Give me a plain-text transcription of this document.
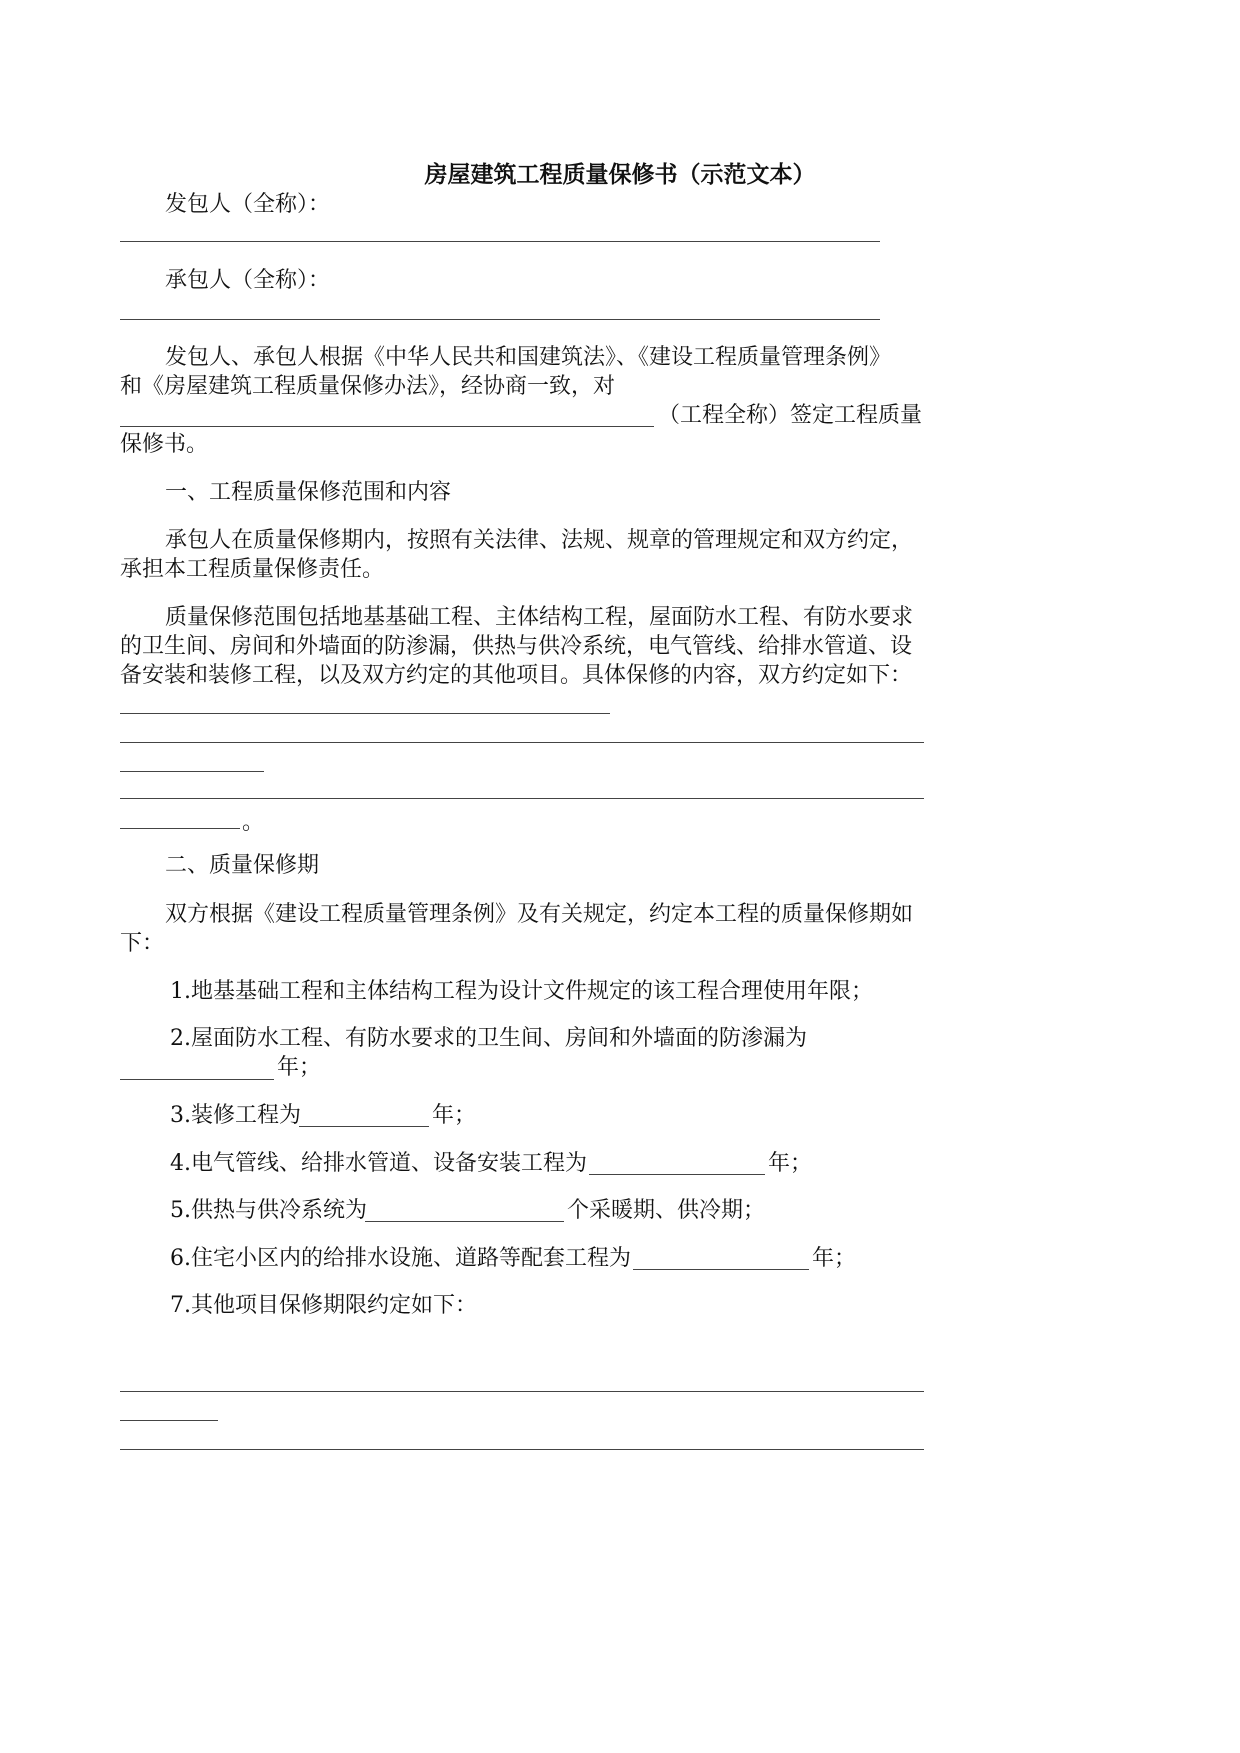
房屋建筑工程质量保修书（示范文本）
发包人（全称）：
承包人（全称）：
发包人、承包人根据《中华人民共和国建筑法》、《建设工程质量管理条例》
和《房屋建筑工程质量保修办法》，经协商一致，对
（工程全称）签定工程质量
保修书。
一、工程质量保修范围和内容
承包人在质量保修期内，按照有关法律、法规、规章的管理规定和双方约定，
承担本工程质量保修责任。
质量保修范围包括地基基础工程、主体结构工程，屋面防水工程、有防水要求
的卫生间、房间和外墙面的防渗漏，供热与供冷系统，电气管线、给排水管道、设
备安装和装修工程，以及双方约定的其他项目。具体保修的内容，双方约定如下：
。
二、质量保修期
双方根据《建设工程质量管理条例》及有关规定，约定本工程的质量保修期如
下：
1.地基基础工程和主体结构工程为设计文件规定的该工程合理使用年限；
2.屋面防水工程、有防水要求的卫生间、房间和外墙面的防渗漏为
年；
3.装修工程为	年；
4.电气管线、给排水管道、设备安装工程为	年；
5.供热与供冷系统为	个采暖期、供冷期；
6.住宅小区内的给排水设施、道路等配套工程为	年；
7.其他项目保修期限约定如下：
